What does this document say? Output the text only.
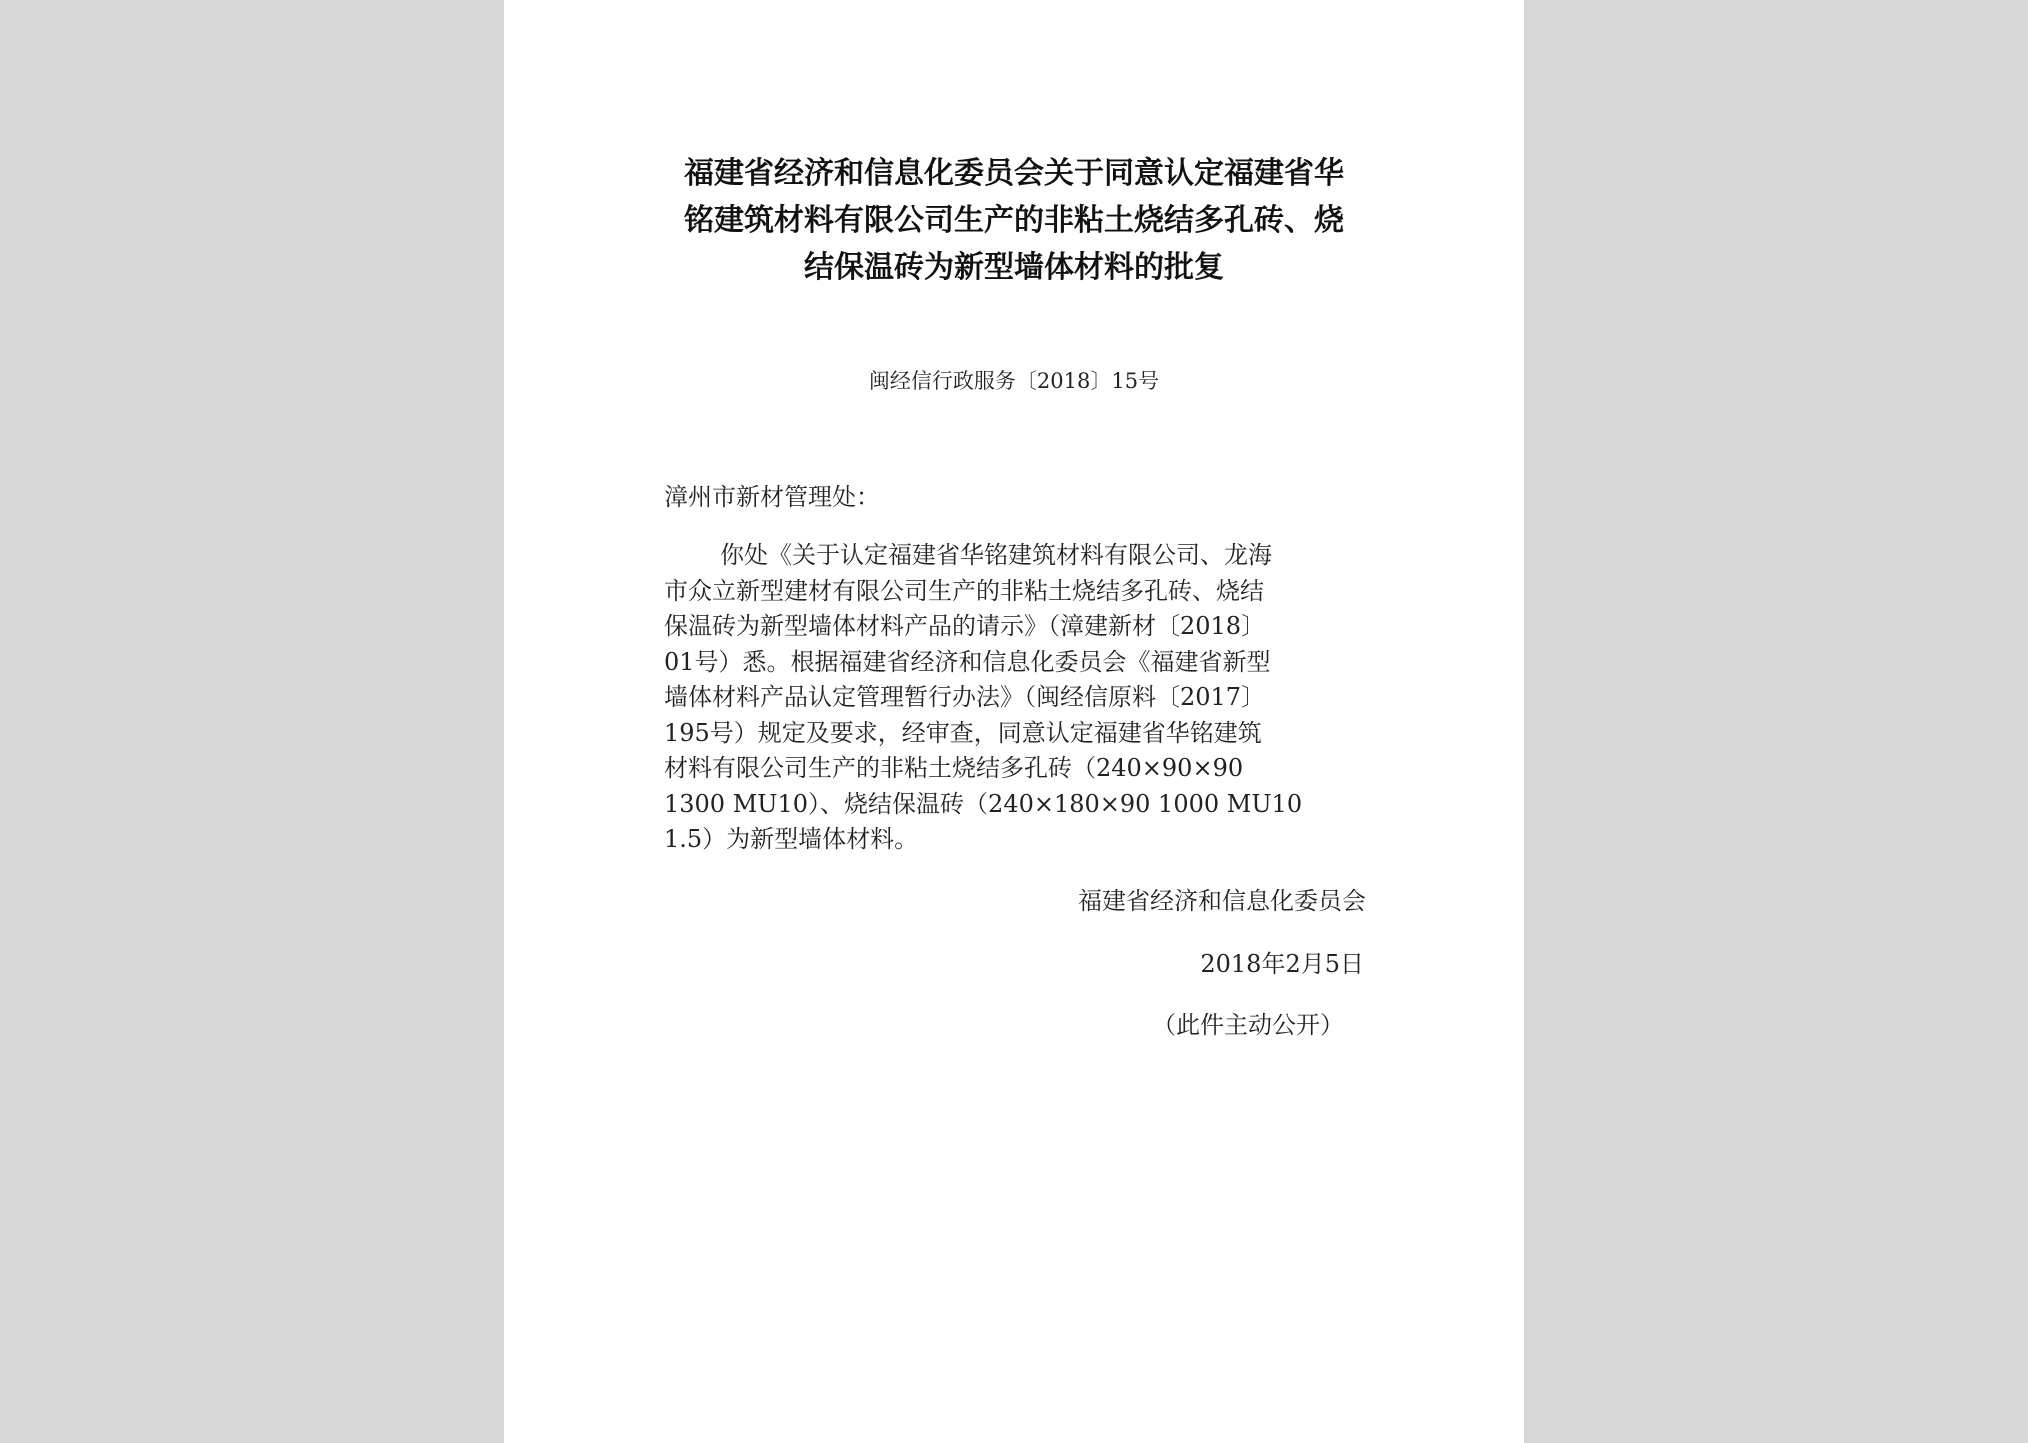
福建省经济和信息化委员会关于同意认定福建省华
铭建筑材料有限公司生产的非粘土烧结多孔砖、烧
结保温砖为新型墙体材料的批复
闽经信行政服务〔2018〕15号
漳州市新材管理处：
你处《关于认定福建省华铭建筑材料有限公司、龙海
市众立新型建材有限公司生产的非粘土烧结多孔砖、烧结
保温砖为新型墙体材料产品的请示》（漳建新材〔2018〕
01号）悉。根据福建省经济和信息化委员会《福建省新型
墙体材料产品认定管理暂行办法》（闽经信原料〔2017〕
195号）规定及要求，经审查，同意认定福建省华铭建筑
材料有限公司生产的非粘土烧结多孔砖（240×90×90
1300 MU10）、烧结保温砖（240×180×90 1000 MU10
1.5）为新型墙体材料。
福建省经济和信息化委员会
2018年2月5日
（此件主动公开）
